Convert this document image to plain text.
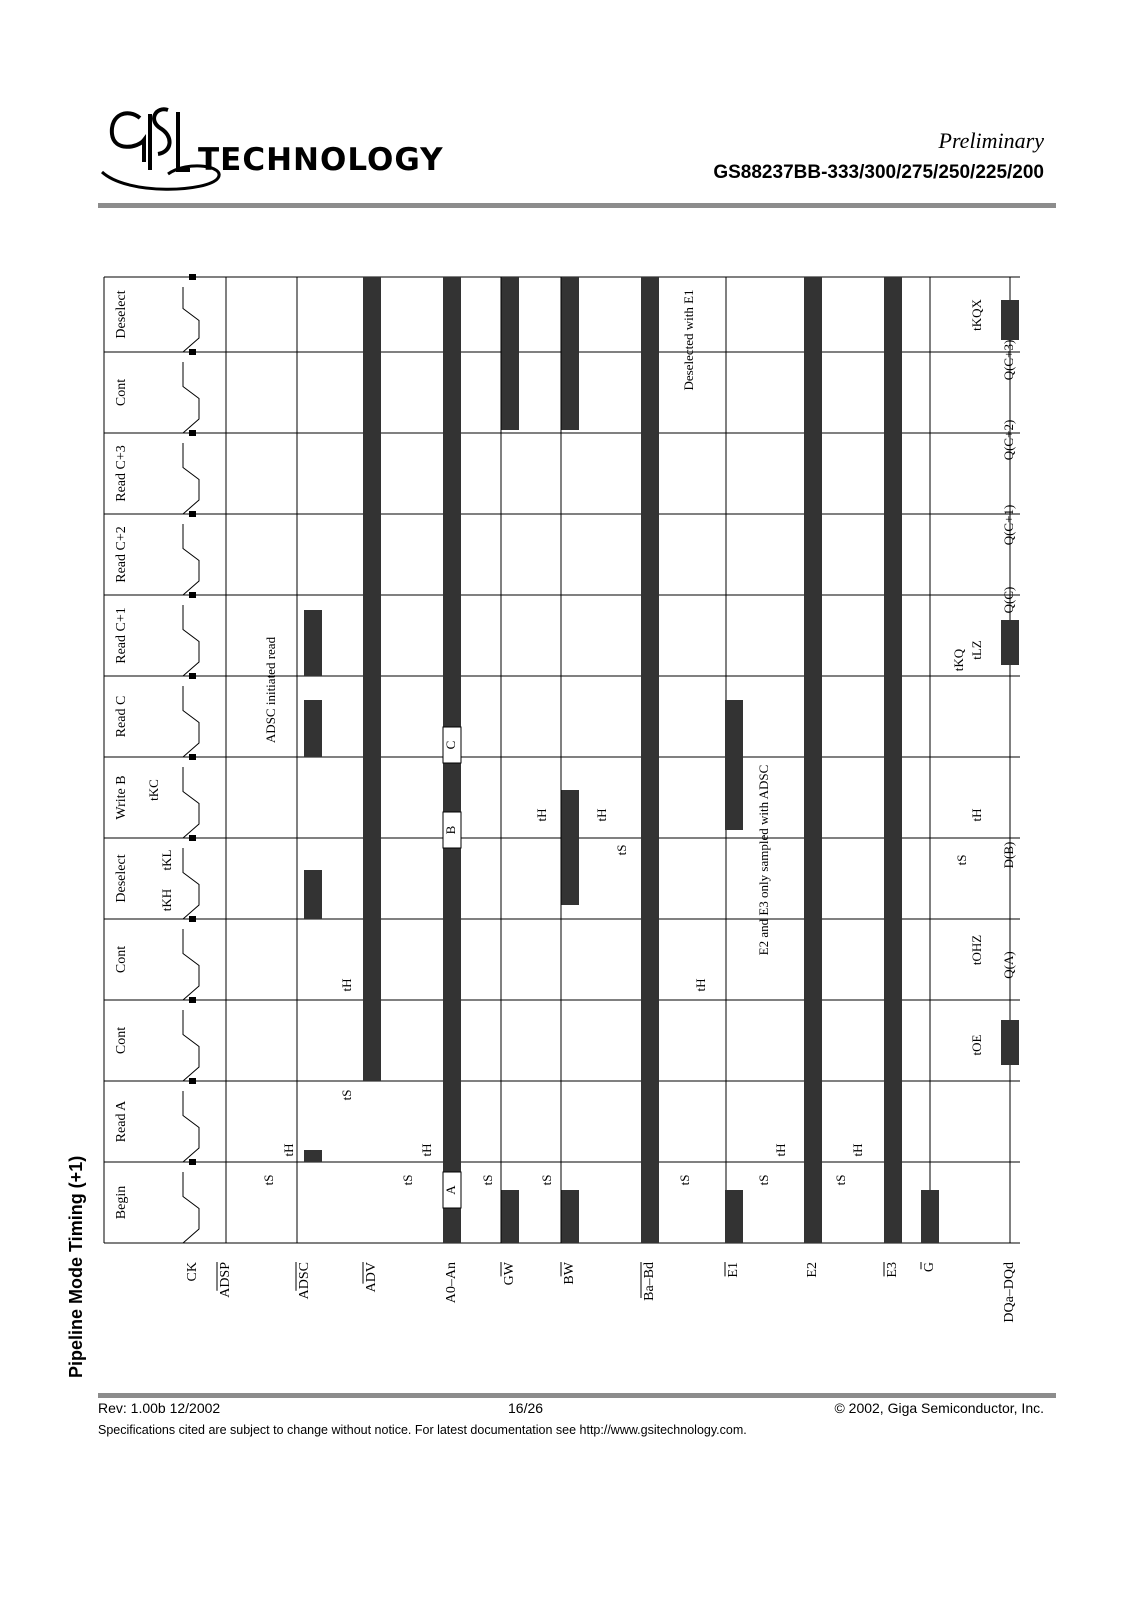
TECHNOLOGY
Preliminary
GS88237BB-333/300/275/250/225/200
Pipeline Mode Timing (+1) Begin
Read A
Cont
Cont
Deselect
Write B
Read C
Read C+1
Read C+2
Read C+3
Cont
Deselect
CK ADSP	ADSC	ADV	A0–An	GW	BW	Ba–Bd	E1	E2	E3 G	DQa–DQd
A
B
C
Q(A)
D(B)
Q(C)
Q(C+1)
Q(C+2)
Q(C+3)
ADSC initiated read
E2 and E3 only sampled with ADSC
Deselected with E1
tS
tH
tS
tH
tS	tS	tS	tS
tH
tS
tH
tS
tH	tH
tKC
tKH
tKL
tH	tH
tS
tS
tH
tOE
tOHZ
tKQ tLZ
tKQX
Rev: 1.00b 12/2002	16/26	© 2002, Giga Semiconductor, Inc.
Specifications cited are subject to change without notice. For latest documentation see http://www.gsitechnology.com.
